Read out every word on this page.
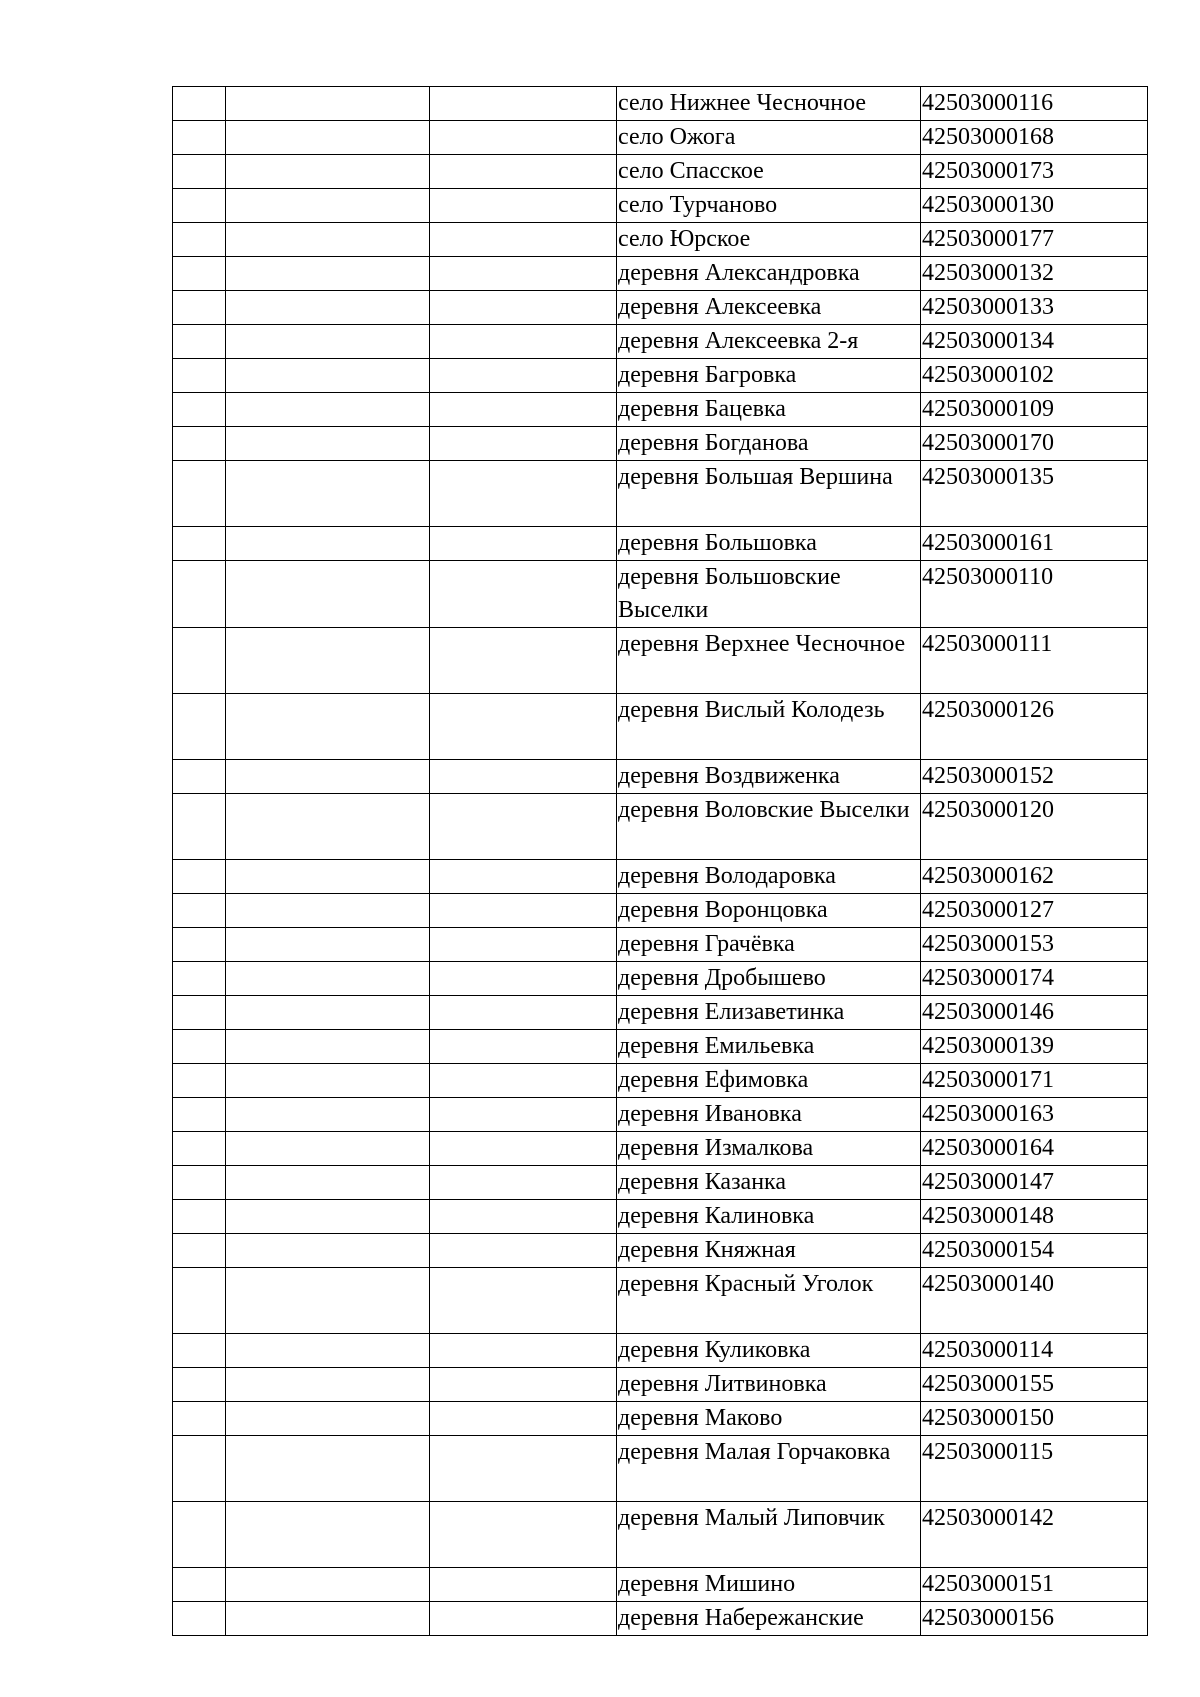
			село Нижнее Чесночное	42503000116
			село Ожога	42503000168
			село Спасское	42503000173
			село Турчаново	42503000130
			село Юрское	42503000177
			деревня Александровка	42503000132
			деревня Алексеевка	42503000133
			деревня Алексеевка 2-я	42503000134
			деревня Багровка	42503000102
			деревня Бацевка	42503000109
			деревня Богданова	42503000170
			деревня Большая Вершина	42503000135
			деревня Большовка	42503000161
			деревня Большовские Выселки	42503000110
			деревня Верхнее Чесночное	42503000111
			деревня Вислый Колодезь	42503000126
			деревня Воздвиженка	42503000152
			деревня Воловские Выселки	42503000120
			деревня Володаровка	42503000162
			деревня Воронцовка	42503000127
			деревня Грачёвка	42503000153
			деревня Дробышево	42503000174
			деревня Елизаветинка	42503000146
			деревня Емильевка	42503000139
			деревня Ефимовка	42503000171
			деревня Ивановка	42503000163
			деревня Измалкова	42503000164
			деревня Казанка	42503000147
			деревня Калиновка	42503000148
			деревня Княжная	42503000154
			деревня Красный Уголок	42503000140
			деревня Куликовка	42503000114
			деревня Литвиновка	42503000155
			деревня Маково	42503000150
			деревня Малая Горчаковка	42503000115
			деревня Малый Липовчик	42503000142
			деревня Мишино	42503000151
			деревня Набережанские	42503000156
